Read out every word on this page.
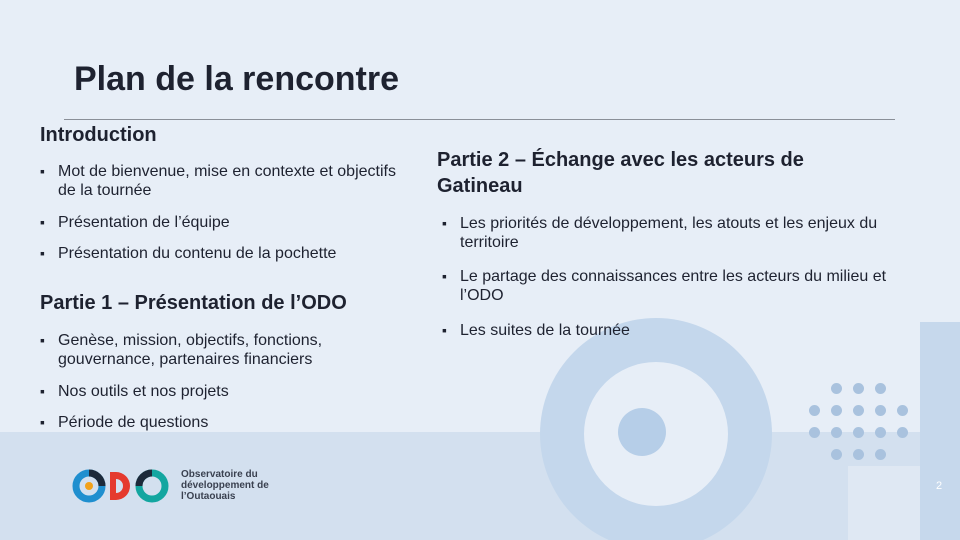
Plan de la rencontre
Introduction
▪ Mot de bienvenue, mise en contexte et objectifs de la tournée
▪ Présentation de l’équipe
▪ Présentation du contenu de la pochette
Partie 1 – Présentation de l’ODO
▪ Genèse, mission, objectifs, fonctions, gouvernance, partenaires financiers
▪ Nos outils et nos projets
▪ Période de questions
Partie 2 – Échange avec les acteurs de Gatineau
▪ Les priorités de développement, les atouts et les enjeux du territoire
▪ Le partage des connaissances entre les acteurs du milieu et l’ODO
▪ Les suites de la tournée
Observatoire du développement de l’Outaouais
2
